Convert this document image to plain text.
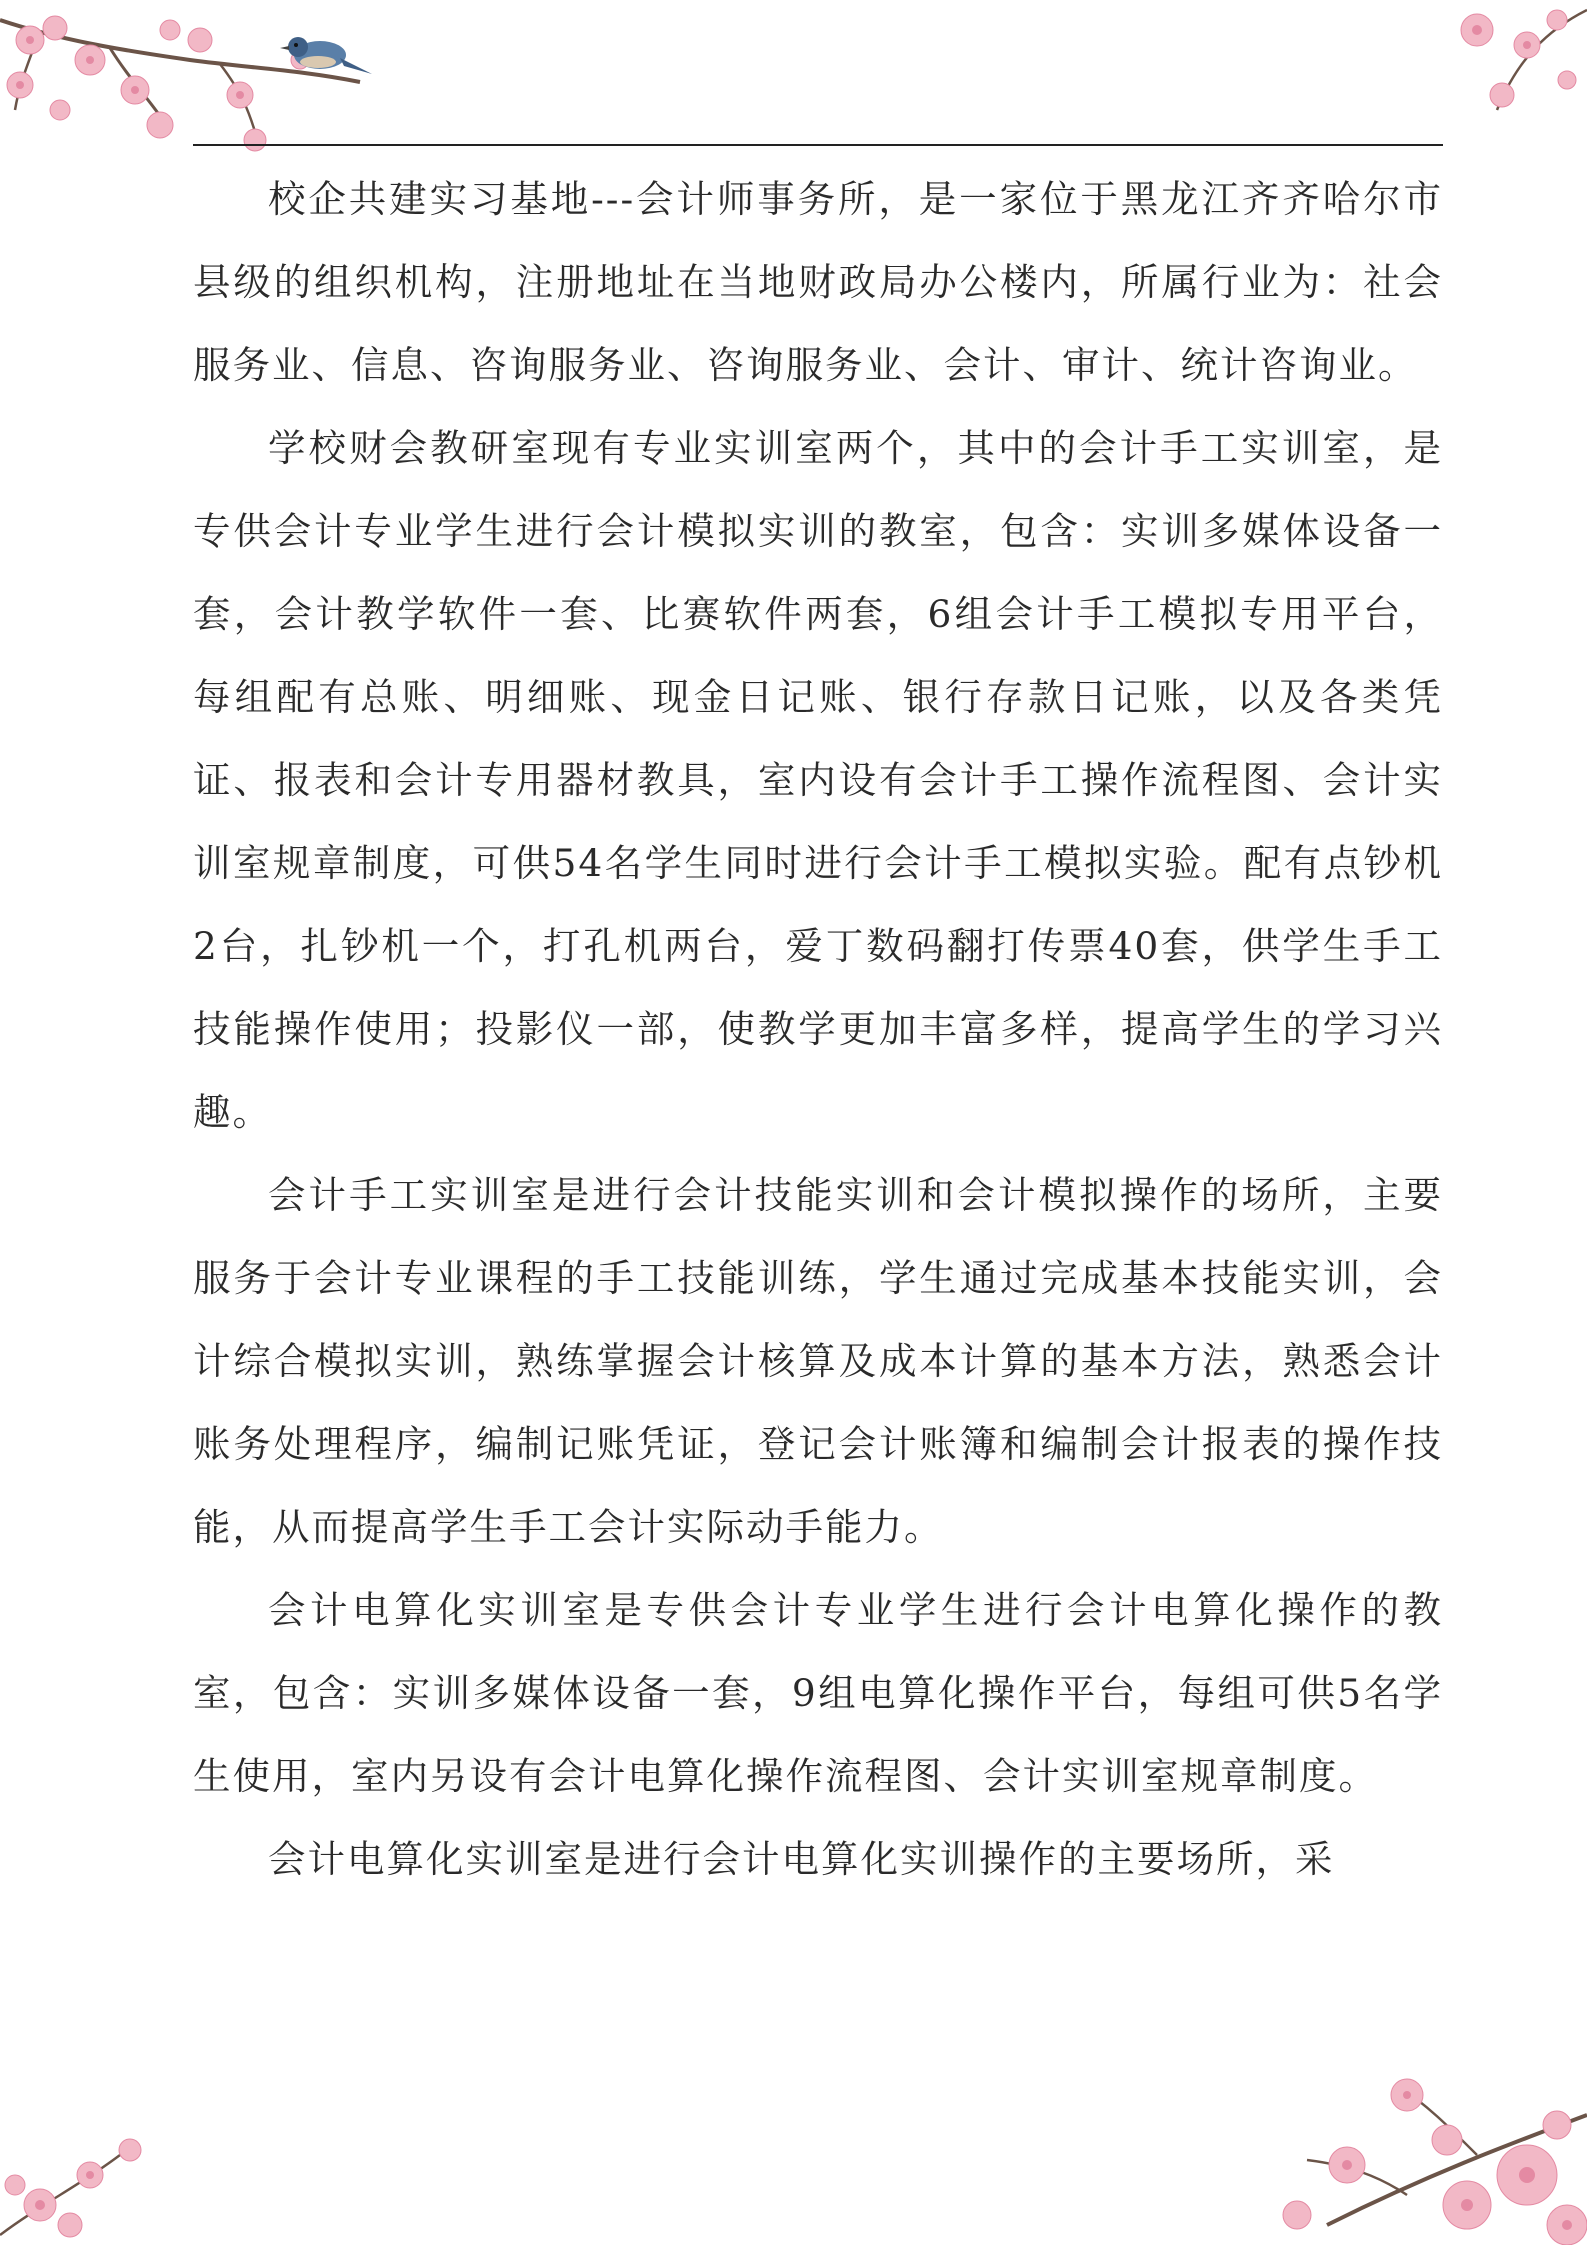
校企共建实习基地---会计师事务所，是一家位于黑龙江齐齐哈尔市县级的组织机构，注册地址在当地财政局办公楼内，所属行业为：社会服务业、信息、咨询服务业、咨询服务业、会计、审计、统计咨询业。

学校财会教研室现有专业实训室两个，其中的会计手工实训室，是专供会计专业学生进行会计模拟实训的教室，包含：实训多媒体设备一套，会计教学软件一套、比赛软件两套，6组会计手工模拟专用平台，每组配有总账、明细账、现金日记账、银行存款日记账，以及各类凭证、报表和会计专用器材教具，室内设有会计手工操作流程图、会计实训室规章制度，可供54名学生同时进行会计手工模拟实验。配有点钞机2台，扎钞机一个，打孔机两台，爱丁数码翻打传票40套，供学生手工技能操作使用；投影仪一部，使教学更加丰富多样，提高学生的学习兴趣。

会计手工实训室是进行会计技能实训和会计模拟操作的场所，主要服务于会计专业课程的手工技能训练，学生通过完成基本技能实训，会计综合模拟实训，熟练掌握会计核算及成本计算的基本方法，熟悉会计账务处理程序，编制记账凭证，登记会计账簿和编制会计报表的操作技能，从而提高学生手工会计实际动手能力。

会计电算化实训室是专供会计专业学生进行会计电算化操作的教室，包含：实训多媒体设备一套，9组电算化操作平台，每组可供5名学生使用，室内另设有会计电算化操作流程图、会计实训室规章制度。

会计电算化实训室是进行会计电算化实训操作的主要场所，采
